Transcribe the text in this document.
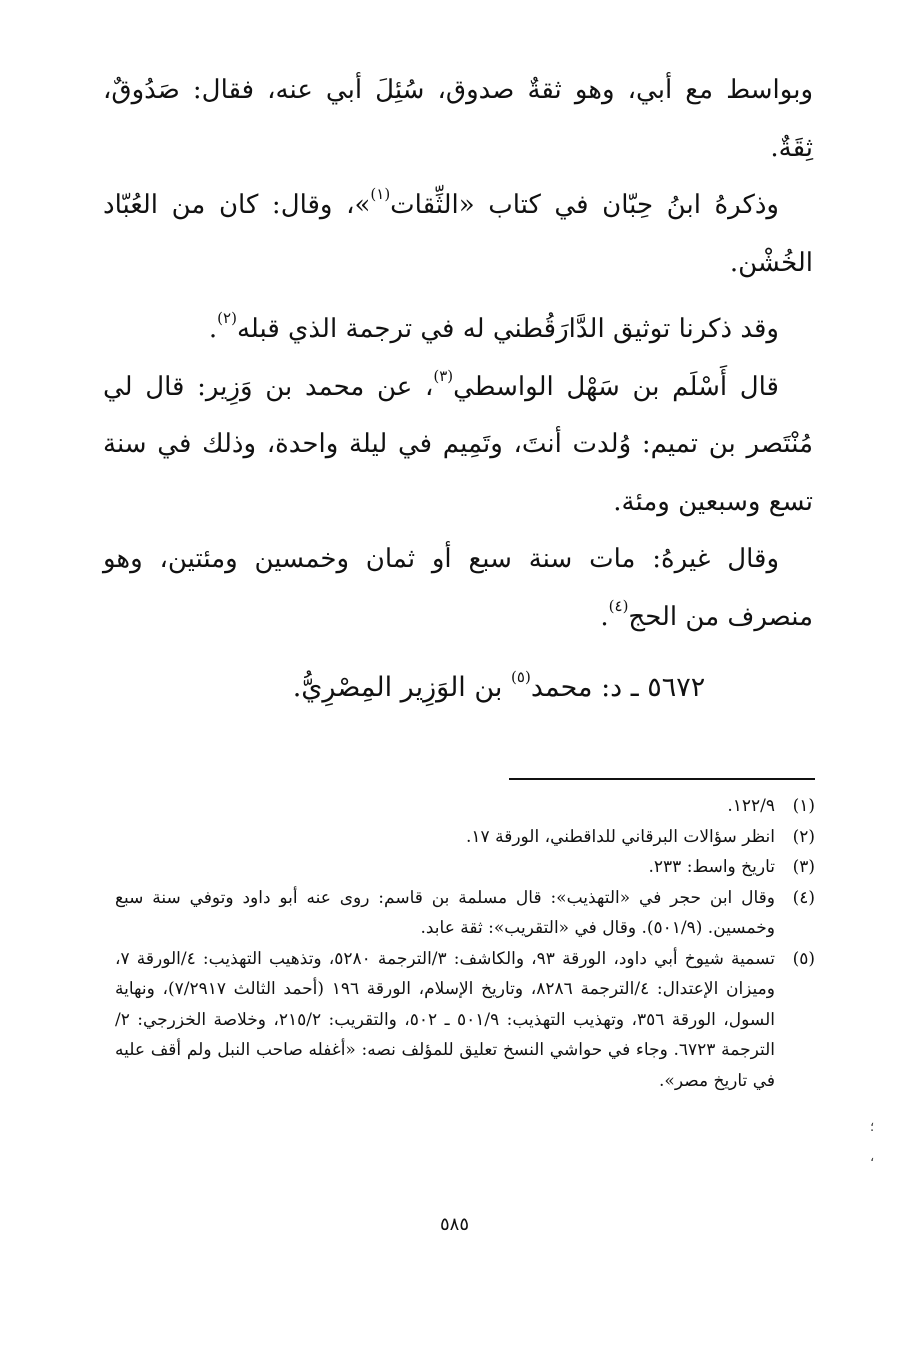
وبواسط مع أبي، وهو ثقةٌ صدوق، سُئِلَ أبي عنه، فقال: صَدُوقٌ، ثِقَةٌ.

وذكرهُ ابنُ حِبّان في كتاب «الثِّقات$^{(١)}$»، وقال: كان من العُبّاد الخُشْن.

وقد ذكرنا توثيق الدَّارَقُطني له في ترجمة الذي قبله$^{(٢)}$.

قال أَسْلَم بن سَهْل الواسطي$^{(٣)}$، عن محمد بن وَزِير: قال لي مُنْتَصر بن تميم: وُلدت أنتَ، وتَمِيم في ليلة واحدة، وذلك في سنة تسع وسبعين ومئة.

وقال غيرهُ: مات سنة سبع أو ثمان وخمسين ومئتين، وهو منصرف من الحج$^{(٤)}$.

٥٦٧٢ ـ د: محمد$^{(٥)}$ بن الوَزِير المِصْرِيُّ.
(١)
١٢٢/٩.
(٢)
انظر سؤالات البرقاني للداقطني، الورقة ١٧.
(٣)
تاريخ واسط: ٢٣٣.
(٤)
وقال ابن حجر في «التهذيب»: قال مسلمة بن قاسم: روى عنه أبو داود وتوفي سنة سبع وخمسين. (٥٠١/٩). وقال في «التقريب»: ثقة عابد.
(٥)
تسمية شيوخ أبي داود، الورقة ٩٣، والكاشف: ٣/الترجمة ٥٢٨٠، وتذهيب التهذيب: ٤/الورقة ٧، وميزان الإعتدال: ٤/الترجمة ٨٢٨٦، وتاريخ الإسلام، الورقة ١٩٦ (أحمد الثالث ٧/٢٩١٧)، ونهاية السول، الورقة ٣٥٦، وتهذيب التهذيب: ٥٠١/٩ ـ ٥٠٢، والتقريب: ٢١٥/٢، وخلاصة الخزرجي: ٢/الترجمة ٦٧٢٣. وجاء في حواشي النسخ تعليق للمؤلف نصه: «أغفله صاحب النبل ولم أقف عليه في تاريخ مصر».
٥٨٥
؛
،
